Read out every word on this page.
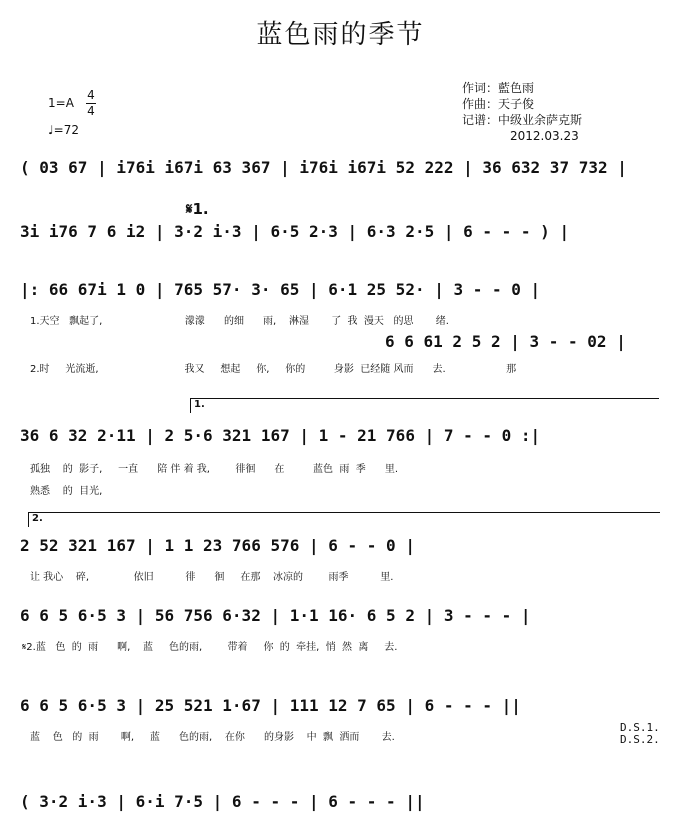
蓝色雨的季节
1=A
4
4
♩=72
作词：藍色雨
作曲：天子俊
记谱：中级业余萨克斯
2012.03.23
( 03 67 | i76i i67i 63 367 | i76i i67i 52 222 | 36 632 37 732 |
3i i76 7 6 i2 | 3·2 i·3 | 6·5 2·3 | 6·3 2·5 | 6 - - - ) |
𝄋1.
|: 66 67i 1 0 | 765 57· 3· 65 | 6·1 25 52· | 3 - - 0 |
1.天空   飘起了,                          濛濛      的细      雨,    淋湿       了  我  漫天   的思       绪.
6 6 61 2 5 2 | 3 - - 02 |
2.时     光流逝,                           我又     想起     你,     你的         身影  已经随 风而      去.                   那
1.
36 6 32 2·11 | 2 5·6 321 167 | 1 - 21 766 | 7 - - 0 :|
孤独    的  影子,     一直      陪 伴 着 我,        徘徊      在         蓝色  雨  季      里.
熟悉    的  目光,
2.
2 52 321 167 | 1 1 23 766 576 | 6 - - 0 |
让 我心    碎,              依旧          徘      徊     在那    冰凉的        雨季          里.
6 6 5 6·5 3 | 56 756 6·32 | 1·1 16· 6 5 2 | 3 - - - |
𝄋2.蓝   色  的  雨      啊,    蓝     色的雨,        带着     你  的  牵挂,  悄  然  离     去.
6 6 5 6·5 3 | 25 521 1·67 | 111 12 7 65 | 6 - - - ||
蓝    色   的  雨       啊,     蓝      色的雨,    在你      的身影    中  飘  洒而       去.
D.S.1.
D.S.2.
( 3·2 i·3 | 6·i 7·5 | 6 - - - | 6 - - - ||
